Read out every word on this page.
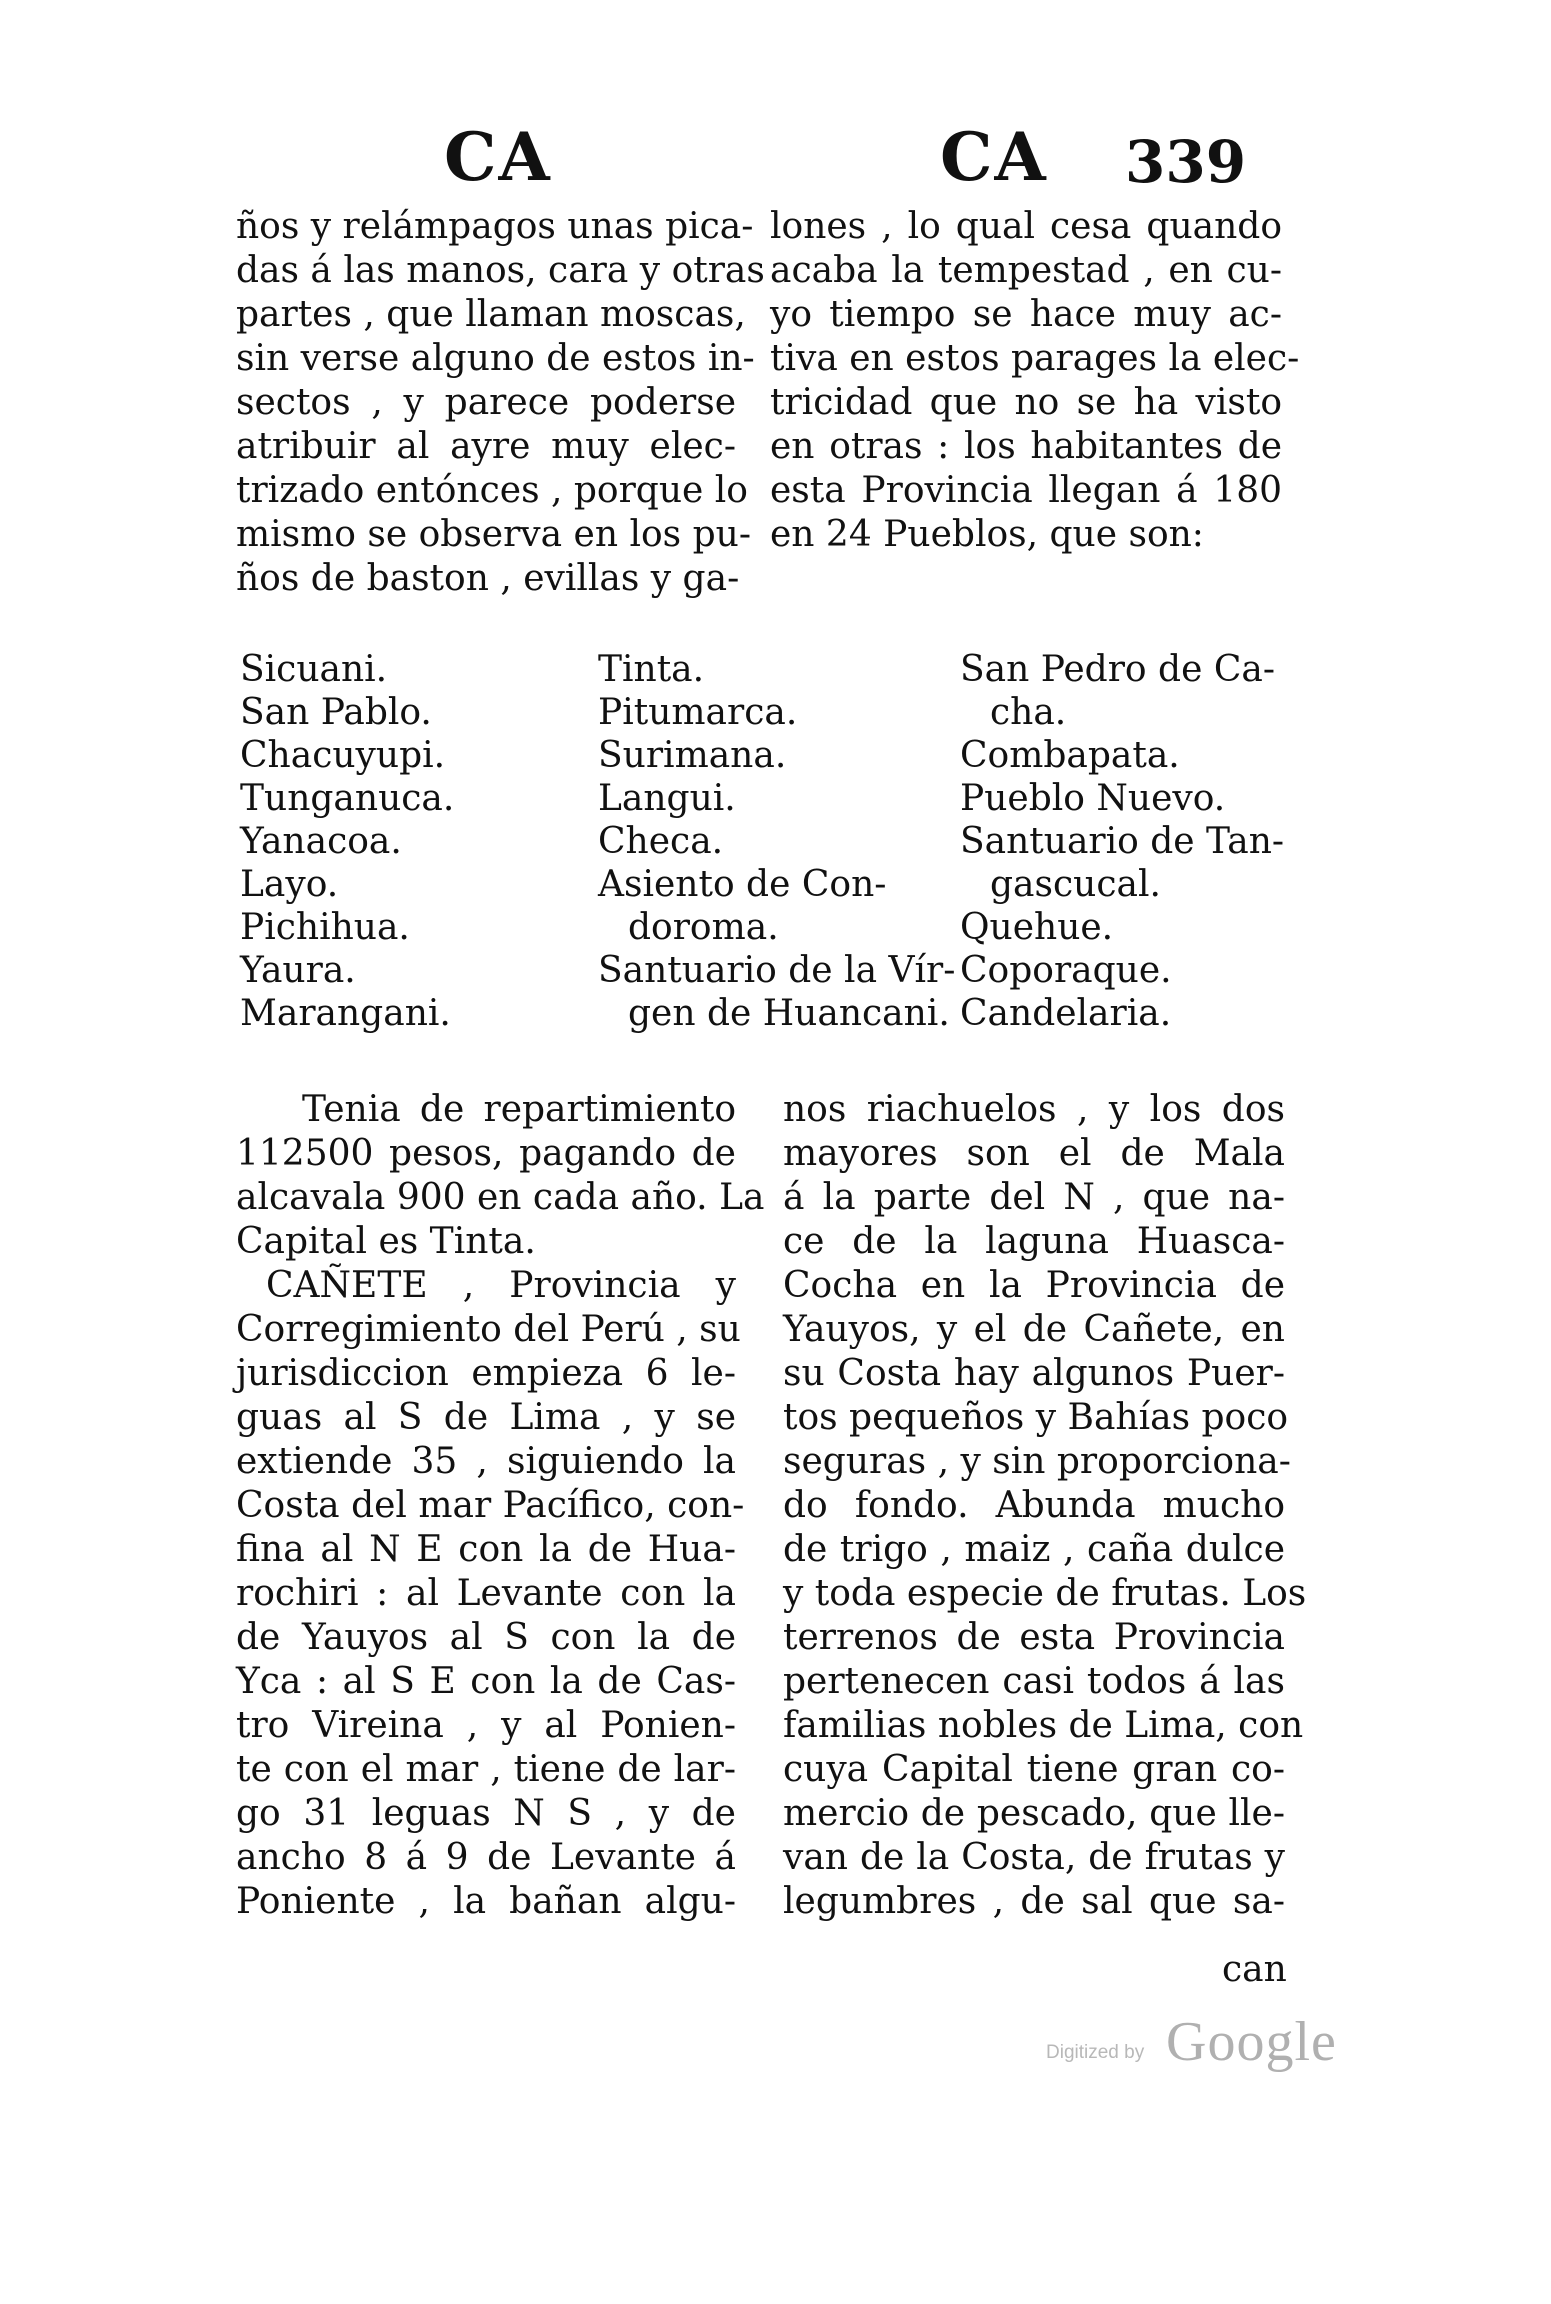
CA	CA 339
ños y relámpagos unas pica-
das á las manos, cara y otras
partes , que llaman moscas,
sin verse alguno de estos in-
sectos , y parece poderse
atribuir al ayre muy elec-
trizado entónces , porque lo
mismo se observa en los pu-
ños de baston , evillas y ga-
lones , lo qual cesa quando
acaba la tempestad , en cu-
yo tiempo se hace muy ac-
tiva en estos parages la elec-
tricidad que no se ha visto
en otras : los habitantes de
esta Provincia llegan á 180
en 24 Pueblos, que son:
Sicuani.
San Pablo.
Chacuyupi.
Tunganuca.
Yanacoa.
Layo.
Pichihua.
Yaura.
Marangani.
Tinta.
Pitumarca.
Surimana.
Langui.
Checa.
Asiento de Con-
doroma.
Santuario de la Vír-
gen de Huancani.
San Pedro de Ca-
cha.
Combapata.
Pueblo Nuevo.
Santuario de Tan-
gascucal.
Quehue.
Coporaque.
Candelaria.
Tenia de repartimiento
112500 pesos, pagando de
alcavala 900 en cada año. La
Capital es Tinta.
CAÑETE , Provincia y
Corregimiento del Perú , su
jurisdiccion empieza 6 le-
guas al S de Lima , y se
extiende 35 , siguiendo la
Costa del mar Pacífico, con-
fina al N E con la de Hua-
rochiri : al Levante con la
de Yauyos al S con la de
Yca : al S E con la de Cas-
tro Vireina , y al Ponien-
te con el mar , tiene de lar-
go 31 leguas N S , y de
ancho 8 á 9 de Levante á
Poniente , la bañan algu-
nos riachuelos , y los dos
mayores son el de Mala
á la parte del N , que na-
ce de la laguna Huasca-
Cocha en la Provincia de
Yauyos, y el de Cañete, en
su Costa hay algunos Puer-
tos pequeños y Bahías poco
seguras , y sin proporciona-
do fondo. Abunda mucho
de trigo , maiz , caña dulce
y toda especie de frutas. Los
terrenos de esta Provincia
pertenecen casi todos á las
familias nobles de Lima, con
cuya Capital tiene gran co-
mercio de pescado, que lle-
van de la Costa, de frutas y
legumbres , de sal que sa-
can
Digitized by Google
